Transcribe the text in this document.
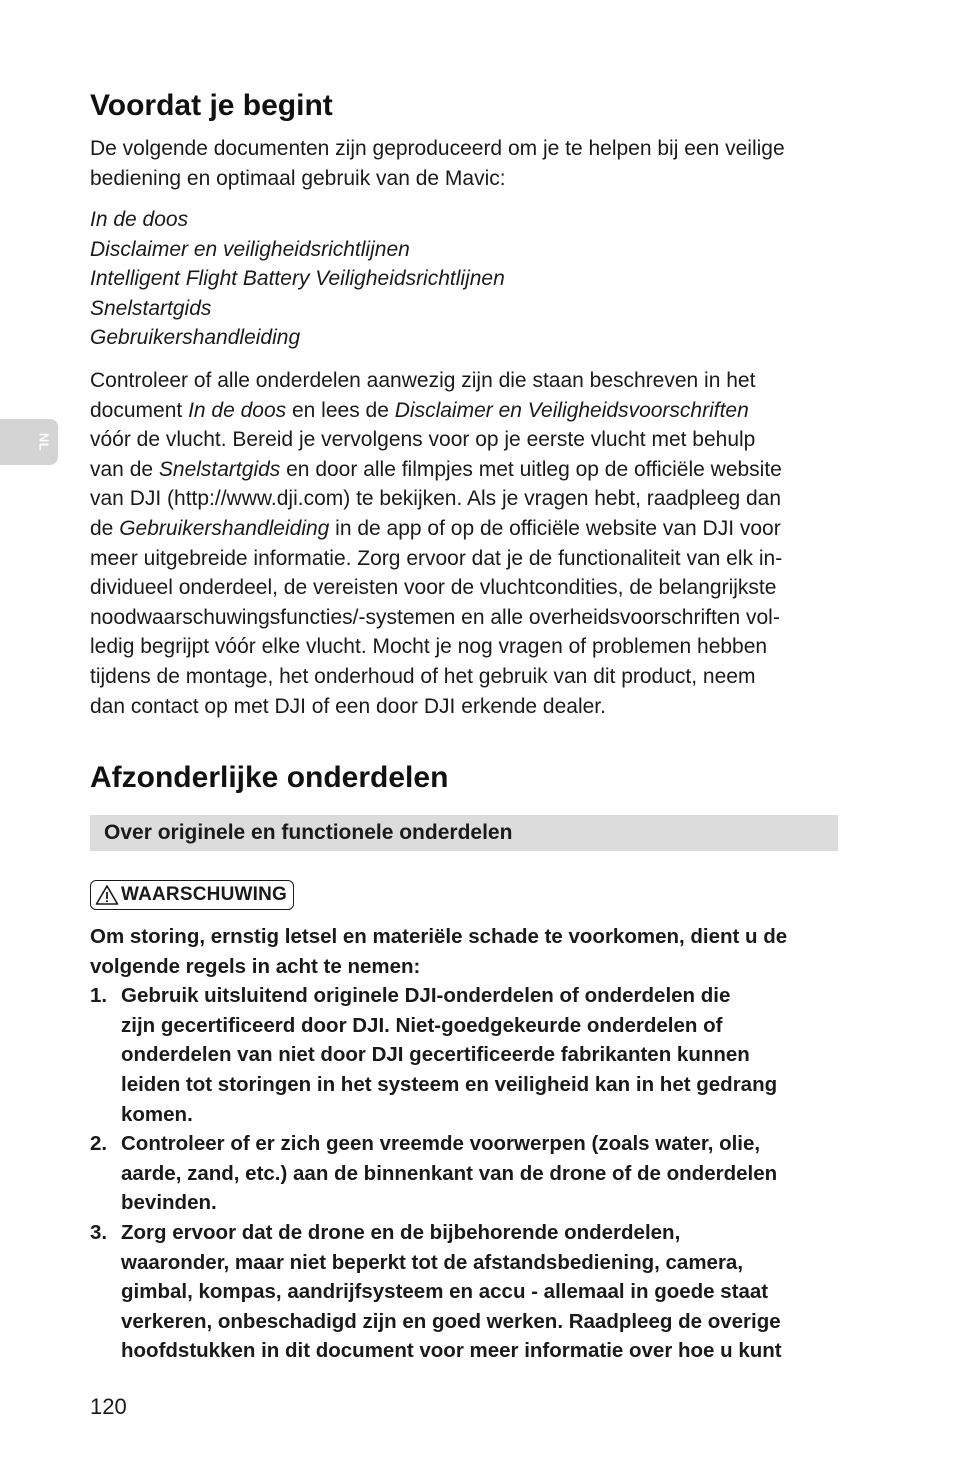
NL
Voordat je begint

De volgende documenten zijn geproduceerd om je te helpen bij een veilige bediening en optimaal gebruik van de Mavic:

In de doos
Disclaimer en veiligheidsrichtlijnen
Intelligent Flight Battery Veiligheidsrichtlijnen
Snelstartgids
Gebruikershandleiding
Controleer of alle onderdelen aanwezig zijn die staan beschreven in het
document In de doos en lees de Disclaimer en Veiligheidsvoorschriften
vóór de vlucht. Bereid je vervolgens voor op je eerste vlucht met behulp
van de Snelstartgids en door alle filmpjes met uitleg op de officiële website
van DJI (http://www.dji.com) te bekijken. Als je vragen hebt, raadpleeg dan
de Gebruikershandleiding in de app of op de officiële website van DJI voor
meer uitgebreide informatie. Zorg ervoor dat je de functionaliteit van elk in-
dividueel onderdeel, de vereisten voor de vluchtcondities, de belangrijkste
noodwaarschuwingsfuncties/-systemen en alle overheidsvoorschriften vol-
ledig begrijpt vóór elke vlucht. Mocht je nog vragen of problemen hebben
tijdens de montage, het onderhoud of het gebruik van dit product, neem
dan contact op met DJI of een door DJI erkende dealer.
Afzonderlijke onderdelen
Over originele en functionele onderdelen
WAARSCHUWING
Om storing, ernstig letsel en materiële schade te voorkomen, dient u de
volgende regels in acht te nemen:
1. Gebruik uitsluitend originele DJI-onderdelen of onderdelen die
zijn gecertificeerd door DJI. Niet-goedgekeurde onderdelen of
onderdelen van niet door DJI gecertificeerde fabrikanten kunnen
leiden tot storingen in het systeem en veiligheid kan in het gedrang
komen.
2. Controleer of er zich geen vreemde voorwerpen (zoals water, olie,
aarde, zand, etc.) aan de binnenkant van de drone of de onderdelen
bevinden.
3. Zorg ervoor dat de drone en de bijbehorende onderdelen,
waaronder, maar niet beperkt tot de afstandsbediening, camera,
gimbal, kompas, aandrijfsysteem en accu - allemaal in goede staat
verkeren, onbeschadigd zijn en goed werken. Raadpleeg de overige
hoofdstukken in dit document voor meer informatie over hoe u kunt
120
